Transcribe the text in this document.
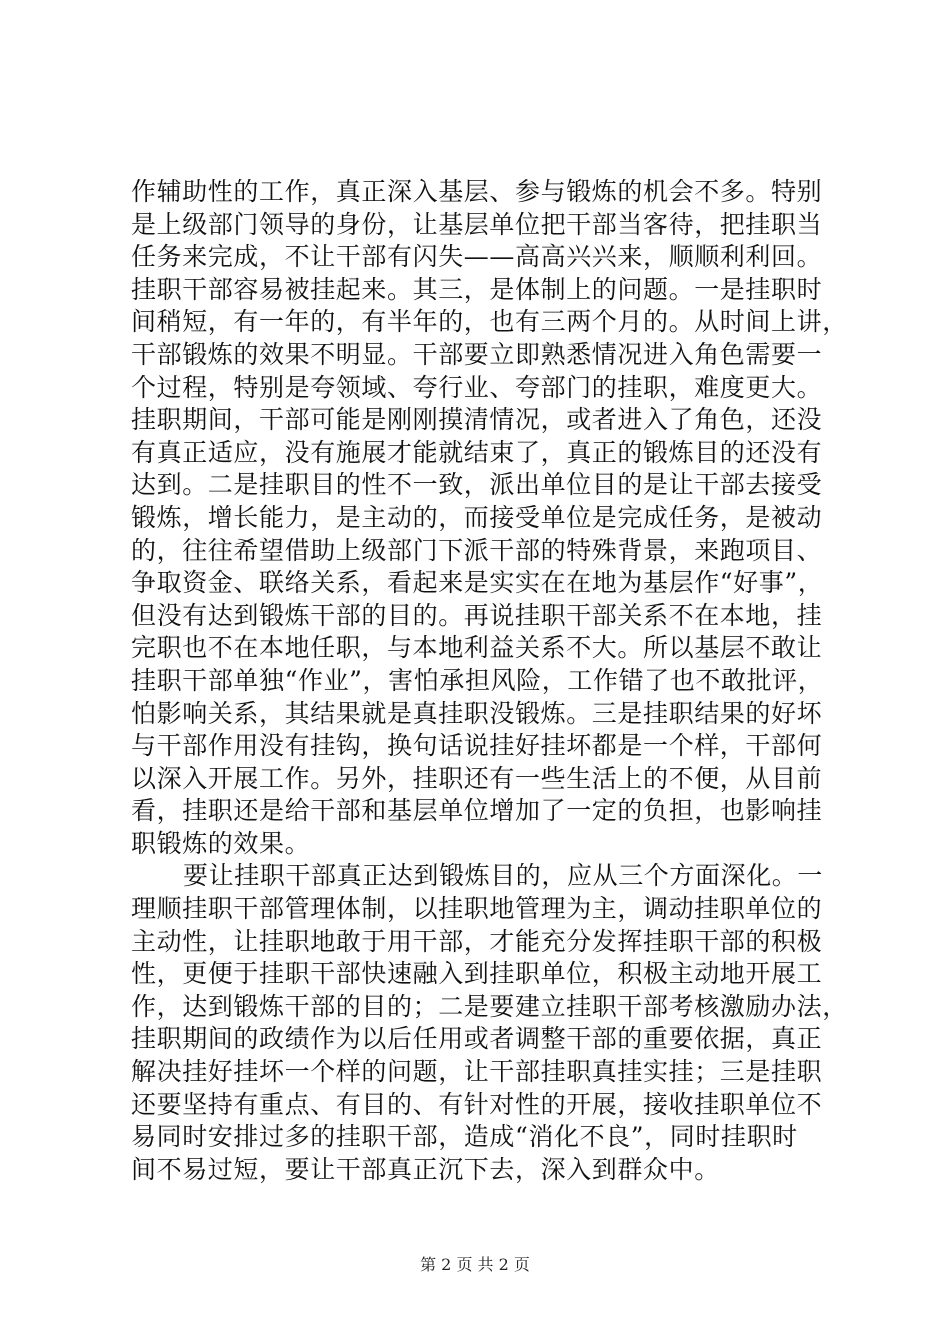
作辅助性的工作，真正深入基层、参与锻炼的机会不多。特别
是上级部门领导的身份，让基层单位把干部当客待，把挂职当
任务来完成，不让干部有闪失——高高兴兴来，顺顺利利回。
挂职干部容易被挂起来。其三，是体制上的问题。一是挂职时
间稍短，有一年的，有半年的，也有三两个月的。从时间上讲，
干部锻炼的效果不明显。干部要立即熟悉情况进入角色需要一
个过程，特别是夸领域、夸行业、夸部门的挂职，难度更大。
挂职期间，干部可能是刚刚摸清情况，或者进入了角色，还没
有真正适应，没有施展才能就结束了，真正的锻炼目的还没有
达到。二是挂职目的性不一致，派出单位目的是让干部去接受
锻炼，增长能力，是主动的，而接受单位是完成任务，是被动
的，往往希望借助上级部门下派干部的特殊背景，来跑项目、
争取资金、联络关系，看起来是实实在在地为基层作“好事”，
但没有达到锻炼干部的目的。再说挂职干部关系不在本地，挂
完职也不在本地任职，与本地利益关系不大。所以基层不敢让
挂职干部单独“作业”，害怕承担风险，工作错了也不敢批评，
怕影响关系，其结果就是真挂职没锻炼。三是挂职结果的好坏
与干部作用没有挂钩，换句话说挂好挂坏都是一个样，干部何
以深入开展工作。另外，挂职还有一些生活上的不便，从目前
看，挂职还是给干部和基层单位增加了一定的负担，也影响挂
职锻炼的效果。
要让挂职干部真正达到锻炼目的，应从三个方面深化。一
理顺挂职干部管理体制，以挂职地管理为主，调动挂职单位的
主动性，让挂职地敢于用干部，才能充分发挥挂职干部的积极
性，更便于挂职干部快速融入到挂职单位，积极主动地开展工
作，达到锻炼干部的目的；二是要建立挂职干部考核激励办法，
挂职期间的政绩作为以后任用或者调整干部的重要依据，真正
解决挂好挂坏一个样的问题，让干部挂职真挂实挂；三是挂职
还要坚持有重点、有目的、有针对性的开展，接收挂职单位不
易同时安排过多的挂职干部，造成“消化不良”，同时挂职时
间不易过短，要让干部真正沉下去，深入到群众中。
第 2 页 共 2 页
